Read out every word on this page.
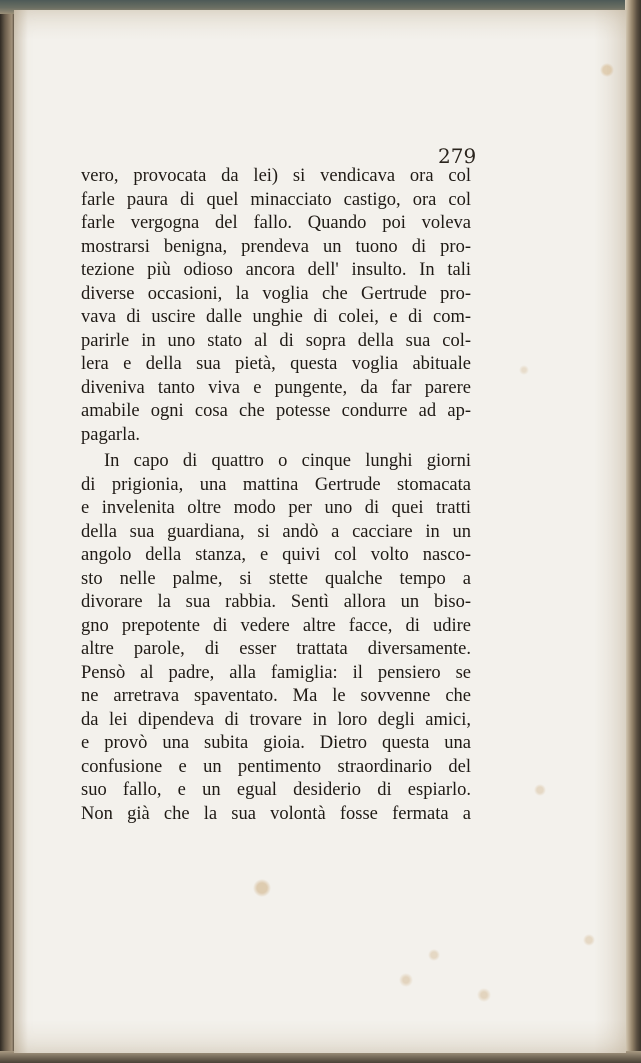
279
vero, provocata da lei) si vendicava ora col
farle paura di quel minacciato castigo, ora col
farle vergogna del fallo. Quando poi voleva
mostrarsi benigna, prendeva un tuono di pro-
tezione più odioso ancora dell' insulto. In tali
diverse occasioni, la voglia che Gertrude pro-
vava di uscire dalle unghie di colei, e di com-
parirle in uno stato al di sopra della sua col-
lera e della sua pietà, questa voglia abituale
diveniva tanto viva e pungente, da far parere
amabile ogni cosa che potesse condurre ad ap-
pagarla.
In capo di quattro o cinque lunghi giorni
di prigionia, una mattina Gertrude stomacata
e invelenita oltre modo per uno di quei tratti
della sua guardiana, si andò a cacciare in un
angolo della stanza, e quivi col volto nasco-
sto nelle palme, si stette qualche tempo a
divorare la sua rabbia. Sentì allora un biso-
gno prepotente di vedere altre facce, di udire
altre parole, di esser trattata diversamente.
Pensò al padre, alla famiglia: il pensiero se
ne arretrava spaventato. Ma le sovvenne che
da lei dipendeva di trovare in loro degli amici,
e provò una subita gioia. Dietro questa una
confusione e un pentimento straordinario del
suo fallo, e un egual desiderio di espiarlo.
Non già che la sua volontà fosse fermata a
